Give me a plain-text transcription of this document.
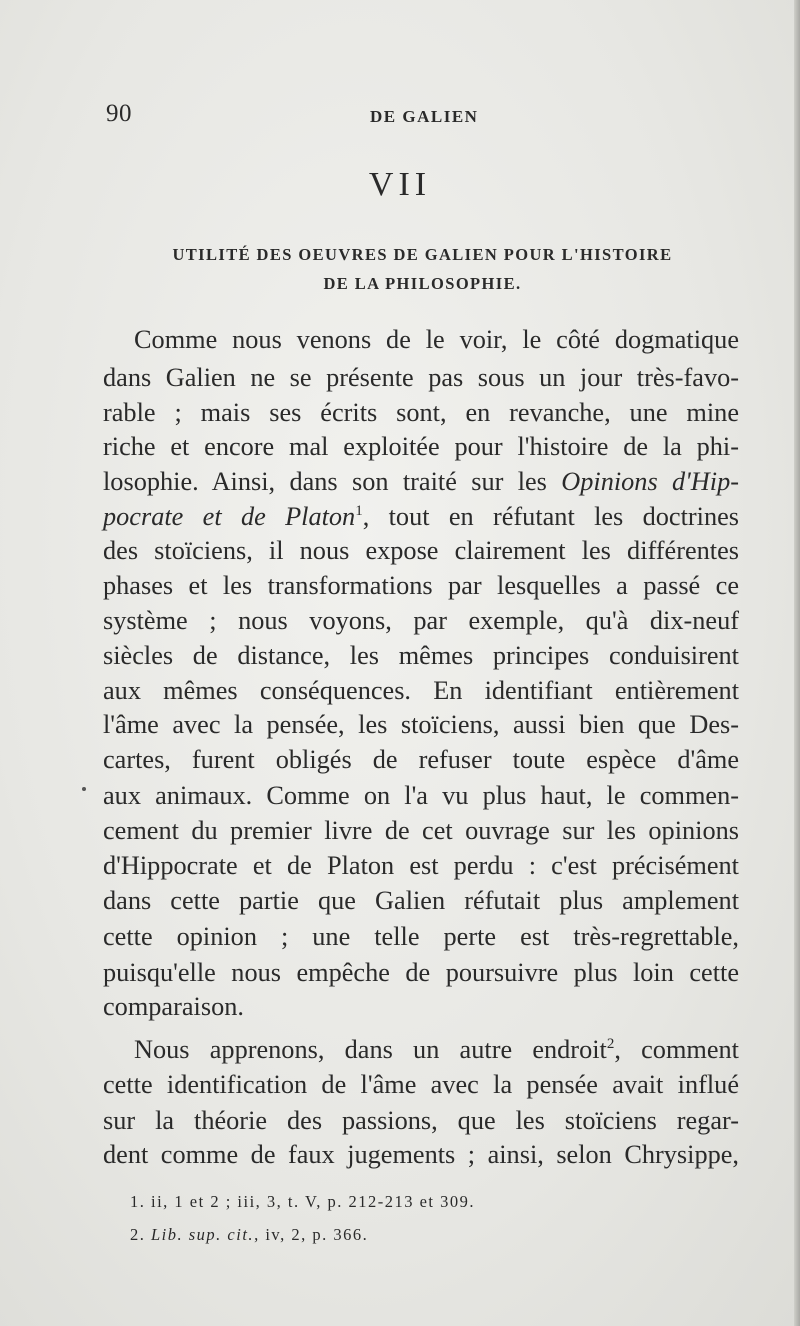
90	DE GALIEN
VII
UTILITÉ DES OEUVRES DE GALIEN POUR L'HISTOIRE
DE LA PHILOSOPHIE.
Comme nous venons de le voir, le côté dogmatique
dans Galien ne se présente pas sous un jour très-favo-
rable ; mais ses écrits sont, en revanche, une mine
riche et encore mal exploitée pour l'histoire de la phi-
losophie. Ainsi, dans son traité sur les Opinions d'Hip-
pocrate et de Platon$^1$, tout en réfutant les doctrines
des stoïciens, il nous expose clairement les différentes
phases et les transformations par lesquelles a passé ce
système ; nous voyons, par exemple, qu'à dix-neuf
siècles de distance, les mêmes principes conduisirent
aux mêmes conséquences. En identifiant entièrement
l'âme avec la pensée, les stoïciens, aussi bien que Des-
cartes, furent obligés de refuser toute espèce d'âme
aux animaux. Comme on l'a vu plus haut, le commen-
cement du premier livre de cet ouvrage sur les opinions
d'Hippocrate et de Platon est perdu : c'est précisément
dans cette partie que Galien réfutait plus amplement
cette opinion ; une telle perte est très-regrettable,
puisqu'elle nous empêche de poursuivre plus loin cette
comparaison.
Nous apprenons, dans un autre endroit$^2$, comment
cette identification de l'âme avec la pensée avait influé
sur la théorie des passions, que les stoïciens regar-
dent comme de faux jugements ; ainsi, selon Chrysippe,
1. ii, 1 et 2 ; iii, 3, t. V, p. 212-213 et 309.
2. Lib. sup. cit., iv, 2, p. 366.
